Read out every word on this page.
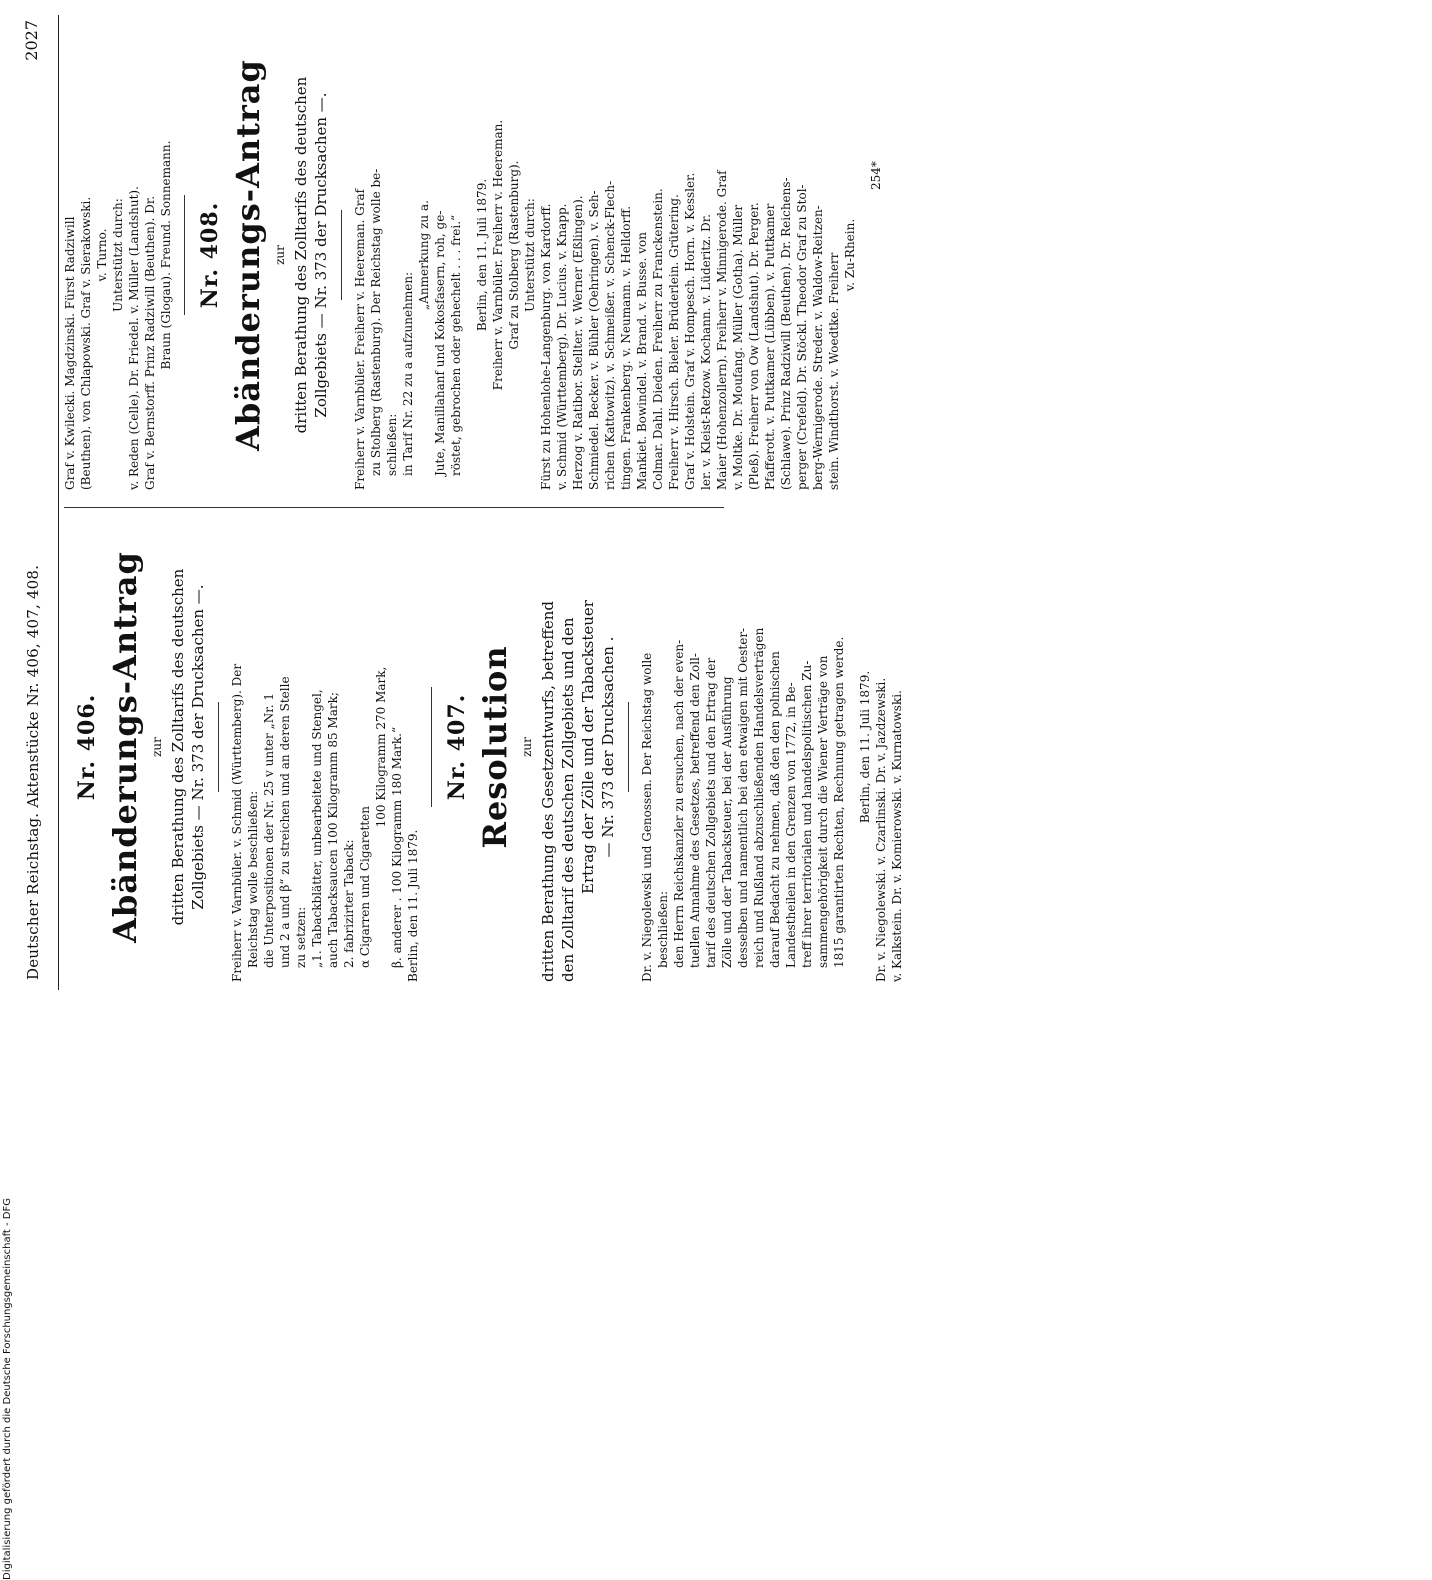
Deutscher Reichstag. Aktenstücke Nr. 406, 407, 408.
2027
Nr. 406. Abänderungs-Antrag zur dritten Berathung des Zolltarifs des deutschen Zollgebiets — Nr. 373 der Drucksachen —. Freiherr v. Varnbüler. v. Schmid (Württemberg). Der Reichstag wolle beschließen: die Unterpositionen der Nr. 25 v unter „Nr. 1 und 2 a und β“ zu streichen und an deren Stelle zu setzen: „1. Tabackblätter, unbearbeitete und Stengel, auch Tabacksaucen 100 Kilogramm 85 Mark; 2. fabrizirter Taback: α Cigarren und Cigaretten
100 Kilogramm 270 Mark, β. anderer . 100 Kilogramm 180 Mark.“ Berlin, den 11. Juli 1879.
Nr. 407. Resolution zur dritten Berathung des Gesetzentwurfs, betreffend den Zolltarif des deutschen Zollgebiets und den Ertrag der Zölle und der Tabacksteuer — Nr. 373 der Drucksachen . Dr. v. Niegolewski und Genossen. Der Reichstag wolle beschließen: den Herrn Reichskanzler zu ersuchen, nach der even- tuellen Annahme des Gesetzes, betreffend den Zoll- tarif des deutschen Zollgebiets und den Ertrag der Zölle und der Tabacksteuer, bei der Ausführung desselben und namentlich bei den etwaigen mit Oester- reich und Rußland abzuschließenden Handelsverträgen darauf Bedacht zu nehmen, daß den den polnischen Landestheilen in den Grenzen von 1772, in Be- treff ihrer territorialen und handelspolitischen Zu- sammengehörigkeit durch die Wiener Verträge von 1815 garantirten Rechten, Rechnung getragen werde. Berlin, den 11. Juli 1879. Dr. v. Niegolewski. v. Czarlinski. Dr. v. Jazdzewski. v. Kalkstein. Dr. v. Komierowski. v. Kurnatowski.
Graf v. Kwilecki. Magdzinski. Fürst Radziwill (Beuthen). von Chlapowski. Graf v. Sierakowski. v. Turno. Unterstützt durch: v. Reden (Celle). Dr. Friedel. v. Müller (Landshut). Graf v. Bernstorff. Prinz Radziwill (Beuthen). Dr. Braun (Glogau). Freund. Sonnemann. Nr. 408. Abänderungs-Antrag zur dritten Berathung des Zolltarifs des deutschen Zollgebiets — Nr. 373 der Drucksachen —. Freiherr v. Varnbüler. Freiherr v. Heereman. Graf zu Stolberg (Rastenburg). Der Reichstag wolle be- schließen: in Tarif Nr. 22 zu a aufzunehmen:
„Anmerkung zu a. Jute, Manillahanf und Kokosfasern, roh, ge- röstet, gebrochen oder gehechelt . . . frei.“ Berlin, den 11. Juli 1879. Freiherr v. Varnbüler. Freiherr v. Heereman. Graf zu Stolberg (Rastenburg). Unterstützt durch: Fürst zu Hohenlohe-Langenburg. von Kardorff. v. Schmid (Württemberg). Dr. Lucius. v. Knapp. Herzog v. Ratibor. Stellter. v. Werner (Eßlingen). Schmiedel. Becker. v. Bühler (Oehringen). v. Seh- richen (Kattowitz). v. Schmeißer. v. Schenck-Flech- tingen. Frankenberg. v. Neumann. v. Helldorff. Mankiet. Bowindel. v. Brand. v. Busse. von Colmar. Dahl. Dieden. Freiherr zu Franckenstein. Freiherr v. Hirsch. Bieler. Brüderlein. Grütering. Graf v. Holstein. Graf v. Hompesch. Horn. v. Kessler. ler. v. Kleist-Retzow. Kochann. v. Lüderitz. Dr. Maier (Hohenzollern). Freiherr v. Minnigerode. Graf v. Moltke. Dr. Moufang. Müller (Gotha). Müller (Pleß). Freiherr von Ow (Landshut). Dr. Perger. Pfafferott. v. Puttkamer (Lübben). v. Puttkamer (Schlawe). Prinz Radziwill (Beuthen). Dr. Reichens- perger (Crefeld). Dr. Stöckl. Theodor Graf zu Stol- berg-Wernigerode. Streder. v. Waldow-Reitzen- stein. Windthorst. v. Woedtke. Freiherr v. Zu-Rhein.
254*
Digitalisierung gefördert durch die Deutsche Forschungsgemeinschaft - DFG
